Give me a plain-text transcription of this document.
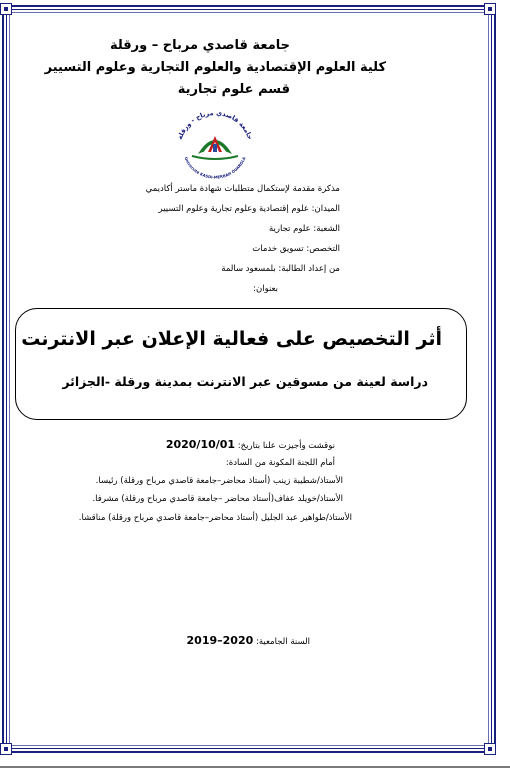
جامعة قاصدي مرباح – ورقلة
كلية العلوم الإقتصادية والعلوم التجارية وعلوم التسيير
قسم علوم تجارية
جامعة قاصدي مرباح - ورقلة
Université KASDI-MERBAH OUARGLA
مذكرة مقدمة لإستكمال متطلبات شهادة ماستر أكاديمي
الميدان: علوم إقتصادية وعلوم تجارية وعلوم التسيير
الشعبة: علوم تجارية
التخصص: تسويق خدمات
من إعداد الطالبة: بلمسعود سالمة
بعنوان:
أثر التخصيص على فعالية الإعلان عبر الانترنت
دراسة لعينة من مسوقين عبر الانترنت بمدينة ورقلة -الجزائر
نوقشت وأجيزت علنا بتاريخ: 2020/10/01
أمام اللجنة المكونة من السادة:
الأستاذ/شطيبة زينب (أستاذ محاضر–جامعة قاصدي مرباح ورقلة) رئيسا.
الأستاذ/خويلد عفاف(أستاذ محاضر –جامعة قاصدي مرباح ورقلة) مشرفا.
الأستاذ/طواهير عبد الجليل (أستاذ محاضر–جامعة قاصدي مرباح ورقلة) مناقشا.
السنة الجامعية: 2020–2019
